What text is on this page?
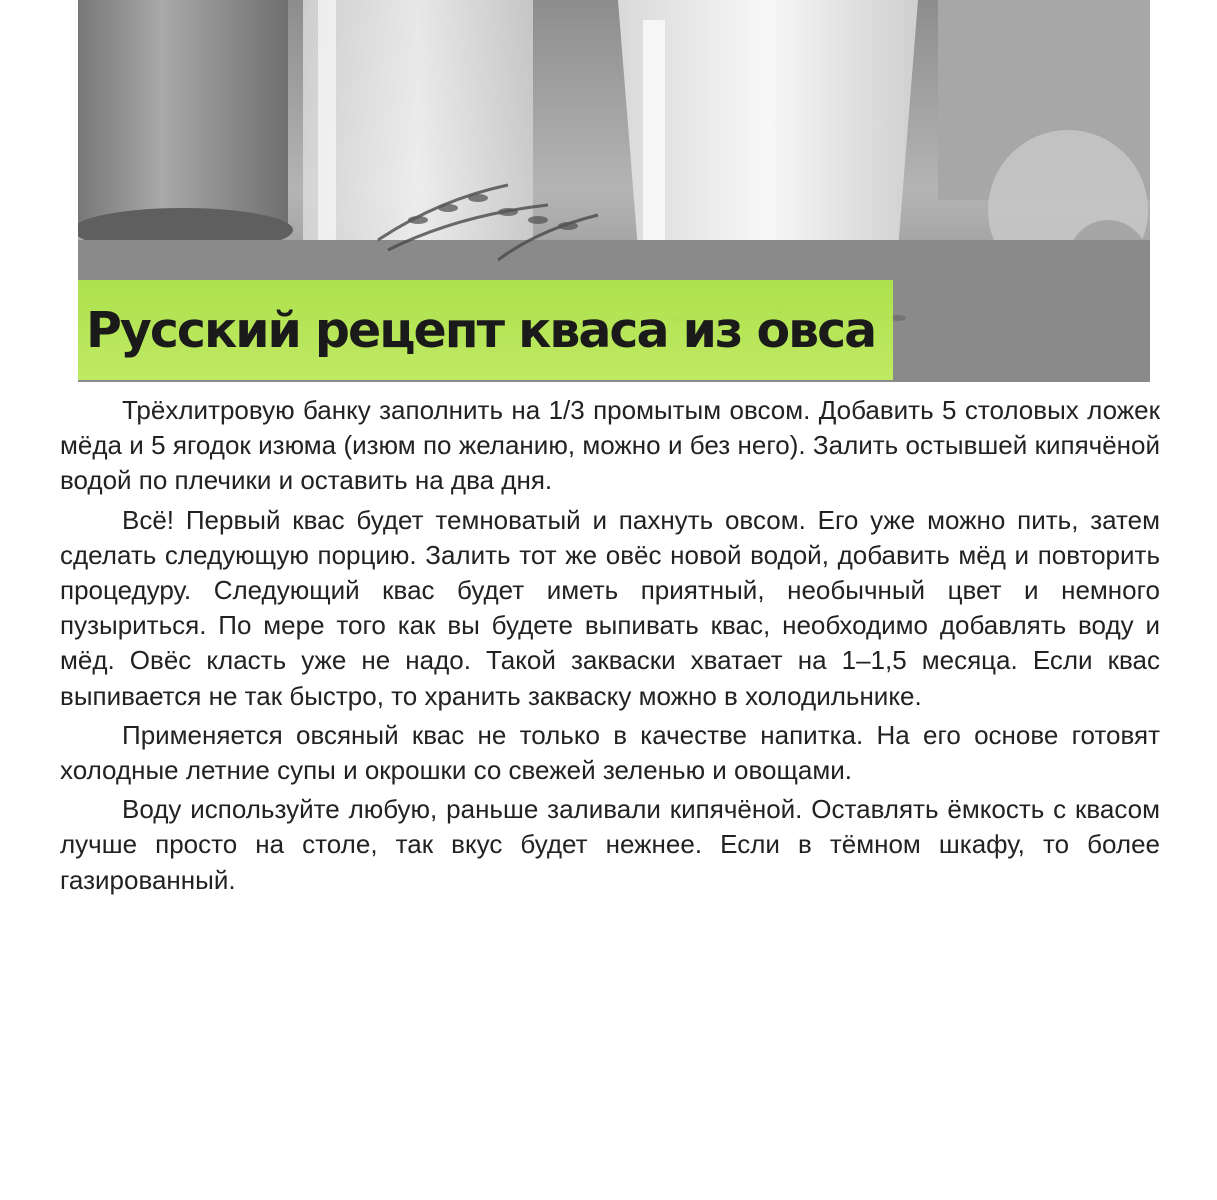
Русский рецепт кваса из овса

Трёхлитровую банку заполнить на 1/3 промытым овсом. Добавить 5 столовых ложек мёда и 5 ягодок изюма (изюм по желанию, можно и без него). Залить остывшей кипячёной водой по плечики и оставить на два дня.

Всё! Первый квас будет темноватый и пахнуть овсом. Его уже можно пить, затем сделать следующую порцию. Залить тот же овёс новой водой, добавить мёд и повторить процедуру. Следующий квас будет иметь приятный, необычный цвет и немного пузыриться. По мере того как вы будете выпивать квас, необходимо добавлять воду и мёд. Овёс класть уже не надо. Такой закваски хватает на 1–1,5 месяца. Если квас выпивается не так быстро, то хранить закваску можно в холодильнике.

Применяется овсяный квас не только в качестве напитка. На его основе готовят холодные летние супы и окрошки со свежей зеленью и овощами.

Воду используйте любую, раньше заливали кипячёной. Оставлять ёмкость с квасом лучше просто на столе, так вкус будет нежнее. Если в тёмном шкафу, то более газированный.
